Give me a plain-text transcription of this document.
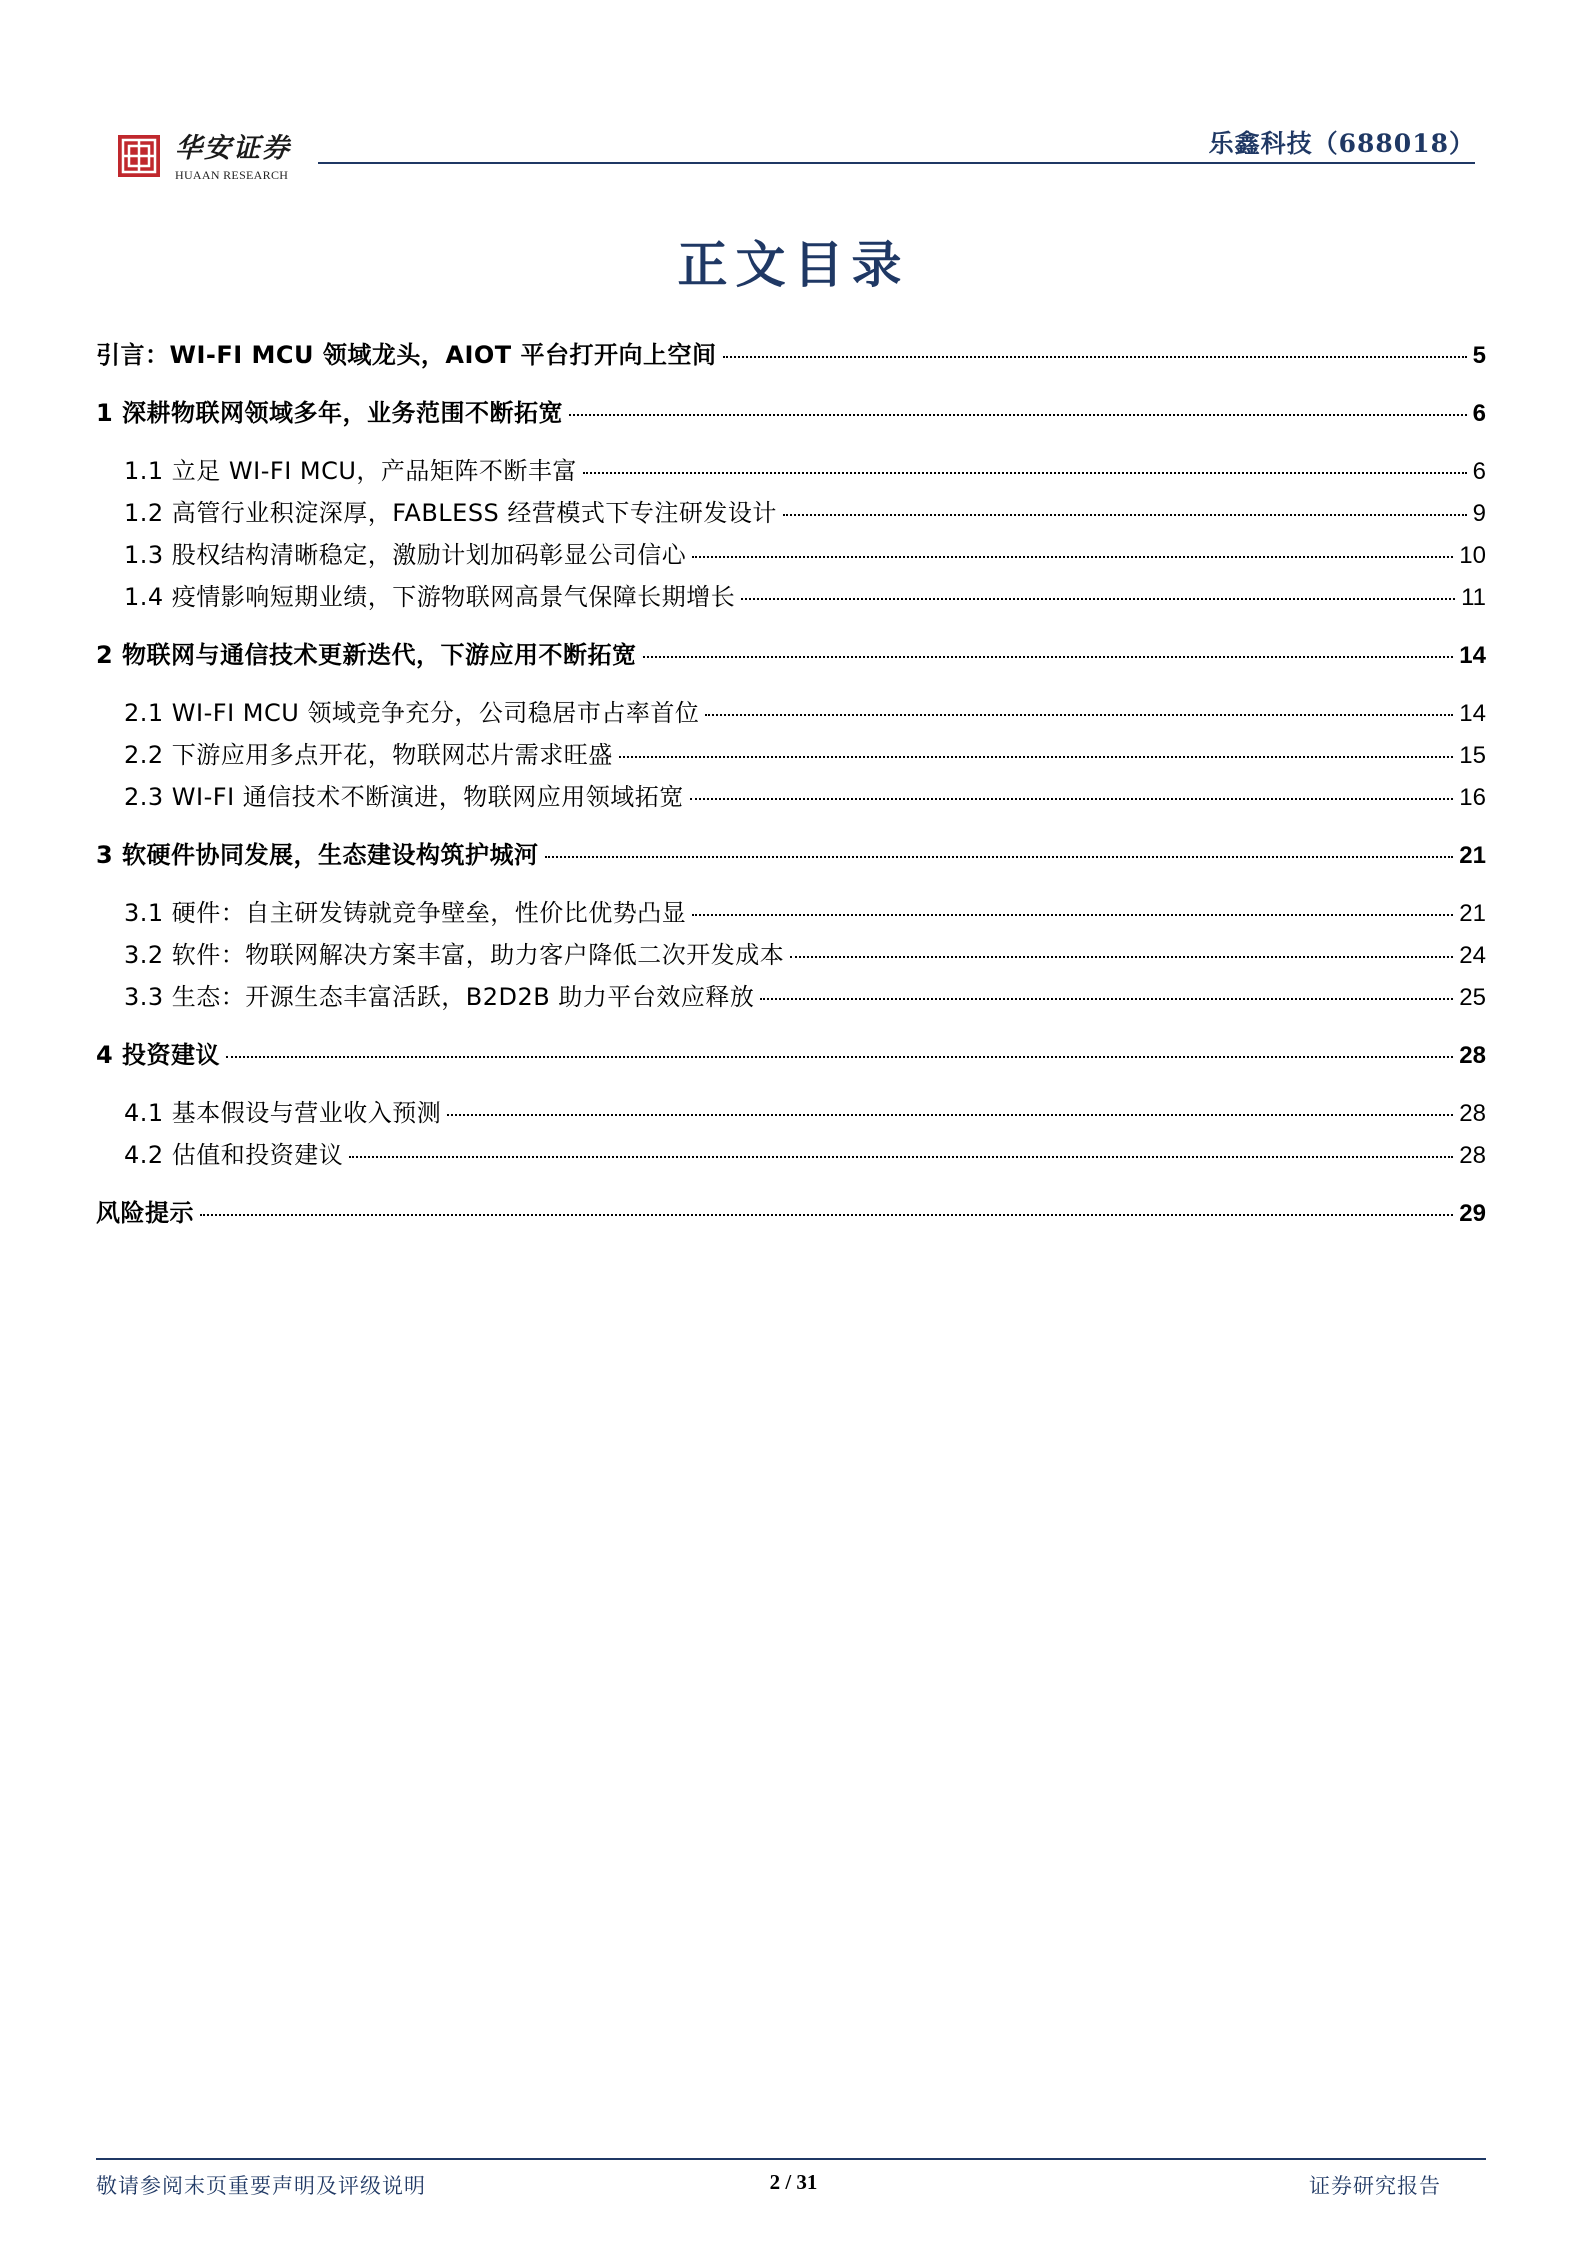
华安证券
HUAAN RESEARCH
乐鑫科技（688018）
正文目录
引言：WI-FI MCU 领域龙头，AIOT 平台打开向上空间	5
1 深耕物联网领域多年，业务范围不断拓宽	6
1.1 立足 WI-FI MCU，产品矩阵不断丰富	6
1.2 高管行业积淀深厚，FABLESS 经营模式下专注研发设计	9
1.3 股权结构清晰稳定，激励计划加码彰显公司信心	10
1.4 疫情影响短期业绩，下游物联网高景气保障长期增长	11
2 物联网与通信技术更新迭代，下游应用不断拓宽	14
2.1 WI-FI MCU 领域竞争充分，公司稳居市占率首位	14
2.2 下游应用多点开花，物联网芯片需求旺盛	15
2.3 WI-FI 通信技术不断演进，物联网应用领域拓宽	16
3 软硬件协同发展，生态建设构筑护城河	21
3.1 硬件：自主研发铸就竞争壁垒，性价比优势凸显	21
3.2 软件：物联网解决方案丰富，助力客户降低二次开发成本	24
3.3 生态：开源生态丰富活跃，B2D2B 助力平台效应释放	25
4 投资建议	28
4.1 基本假设与营业收入预测	28
4.2 估值和投资建议	28
风险提示	29
敬请参阅末页重要声明及评级说明	2 / 31	证券研究报告
